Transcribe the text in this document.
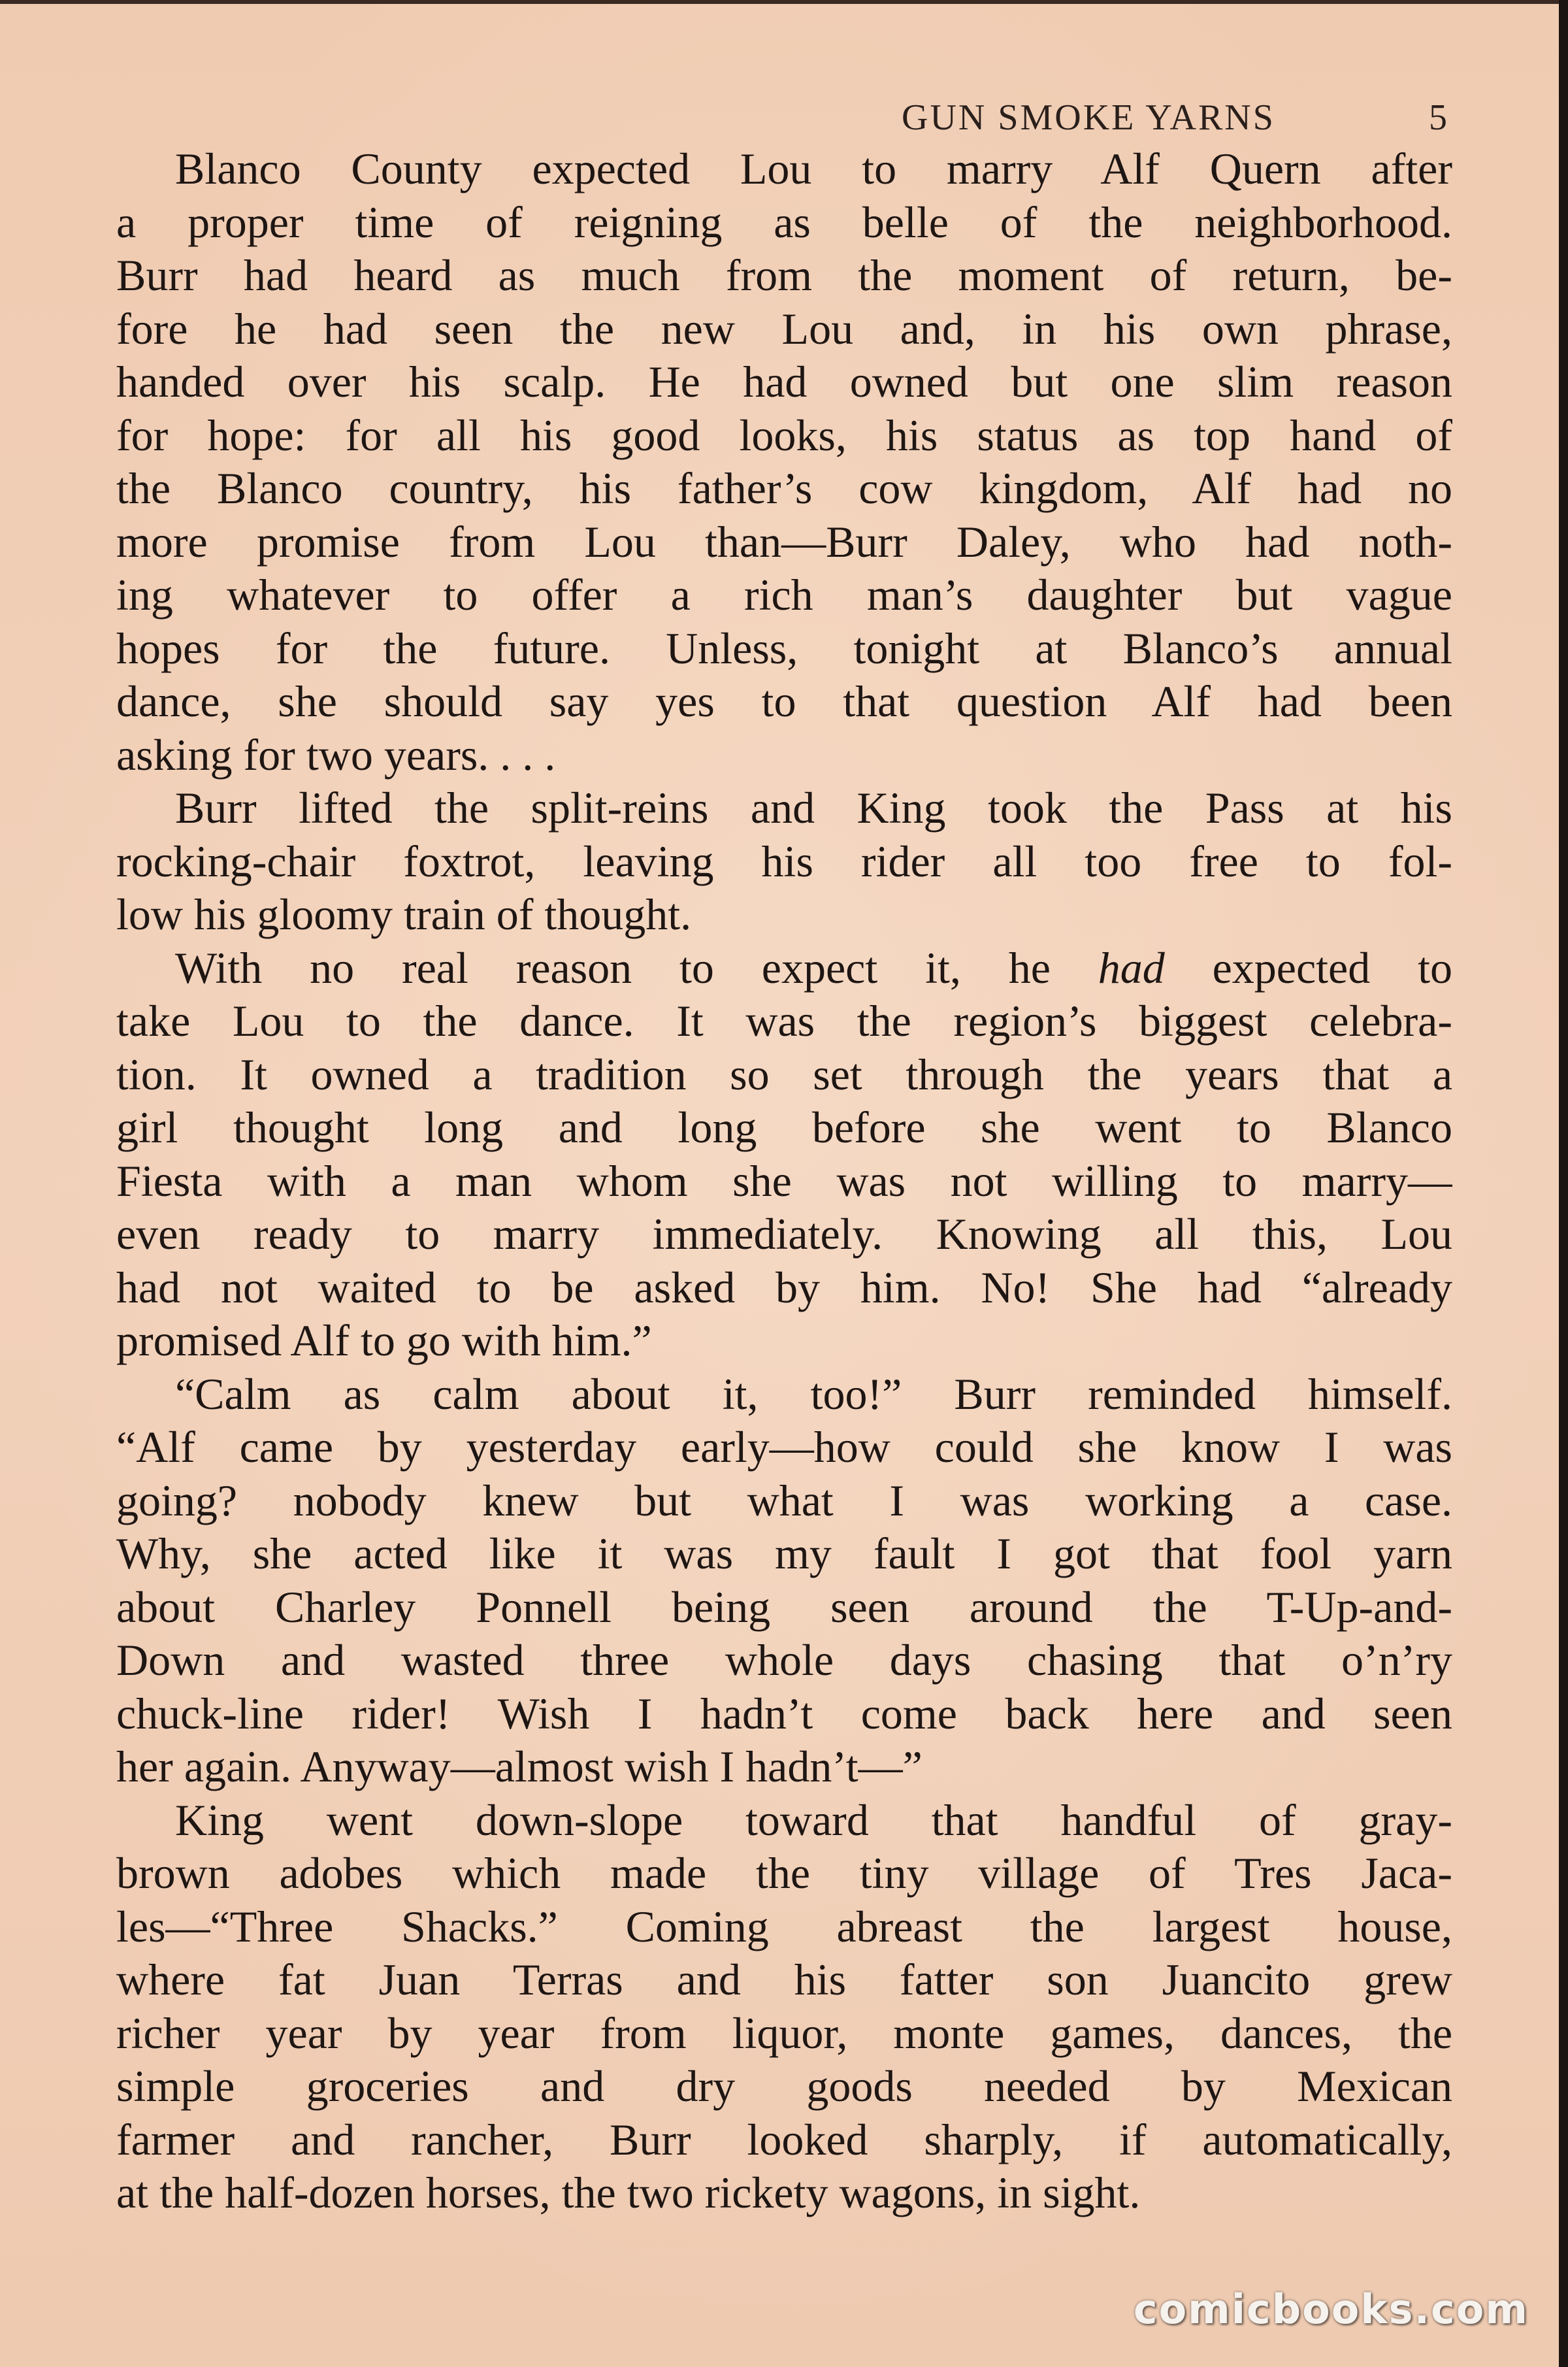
GUN SMOKE YARNS	5
Blanco County expected Lou to marry Alf Quern after
a proper time of reigning as belle of the neighborhood.
Burr had heard as much from the moment of return, be-
fore he had seen the new Lou and, in his own phrase,
handed over his scalp. He had owned but one slim reason
for hope: for all his good looks, his status as top hand of
the Blanco country, his father’s cow kingdom, Alf had no
more promise from Lou than—Burr Daley, who had noth-
ing whatever to offer a rich man’s daughter but vague
hopes for the future. Unless, tonight at Blanco’s annual
dance, she should say yes to that question Alf had been
asking for two years. . . .
Burr lifted the split-reins and King took the Pass at his
rocking-chair foxtrot, leaving his rider all too free to fol-
low his gloomy train of thought.
With no real reason to expect it, he had expected to
take Lou to the dance. It was the region’s biggest celebra-
tion. It owned a tradition so set through the years that a
girl thought long and long before she went to Blanco
Fiesta with a man whom she was not willing to marry—
even ready to marry immediately. Knowing all this, Lou
had not waited to be asked by him. No! She had “already
promised Alf to go with him.”
“Calm as calm about it, too!” Burr reminded himself.
“Alf came by yesterday early—how could she know I was
going? nobody knew but what I was working a case.
Why, she acted like it was my fault I got that fool yarn
about Charley Ponnell being seen around the T-Up-and-
Down and wasted three whole days chasing that o’n’ry
chuck-line rider! Wish I hadn’t come back here and seen
her again. Anyway—almost wish I hadn’t—”
King went down-slope toward that handful of gray-
brown adobes which made the tiny village of Tres Jaca-
les—“Three Shacks.” Coming abreast the largest house,
where fat Juan Terras and his fatter son Juancito grew
richer year by year from liquor, monte games, dances, the
simple groceries and dry goods needed by Mexican
farmer and rancher, Burr looked sharply, if automatically,
at the half-dozen horses, the two rickety wagons, in sight.
comicbooks.com
